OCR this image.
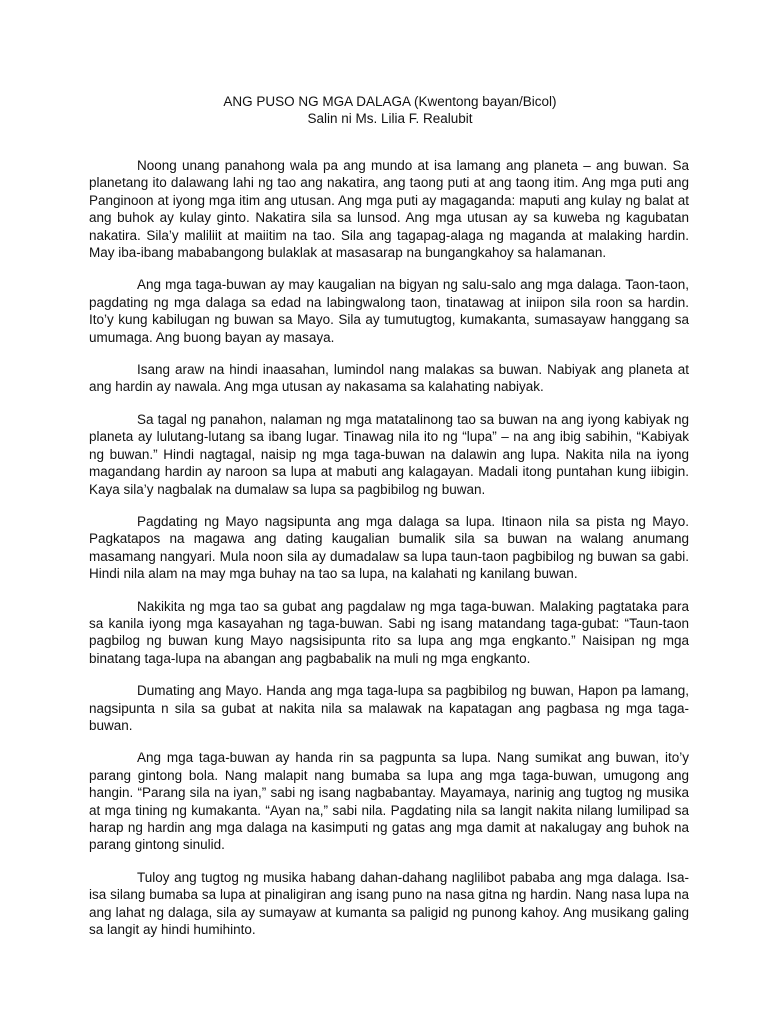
ANG PUSO NG MGA DALAGA (Kwentong bayan/Bicol)
Salin ni Ms. Lilia F. Realubit

Noong unang panahong wala pa ang mundo at isa lamang ang planeta – ang buwan. Sa planetang ito dalawang lahi ng tao ang nakatira, ang taong puti at ang taong itim. Ang mga puti ang Panginoon at iyong mga itim ang utusan. Ang mga puti ay magaganda: maputi ang kulay ng balat at ang buhok ay kulay ginto. Nakatira sila sa lunsod. Ang mga utusan ay sa kuweba ng kagubatan nakatira. Sila’y maliliit at maiitim na tao. Sila ang tagapag-alaga ng maganda at malaking hardin. May iba-ibang mababangong bulaklak at masasarap na bungangkahoy sa halamanan.

Ang mga taga-buwan ay may kaugalian na bigyan ng salu-salo ang mga dalaga. Taon-taon, pagdating ng mga dalaga sa edad na labingwalong taon, tinatawag at iniipon sila roon sa hardin. Ito’y kung kabilugan ng buwan sa Mayo. Sila ay tumutugtog, kumakanta, sumasayaw hanggang sa umumaga. Ang buong bayan ay masaya.

Isang araw na hindi inaasahan, lumindol nang malakas sa buwan. Nabiyak ang planeta at ang hardin ay nawala. Ang mga utusan ay nakasama sa kalahating nabiyak.

Sa tagal ng panahon, nalaman ng mga matatalinong tao sa buwan na ang iyong kabiyak ng planeta ay lulutang-lutang sa ibang lugar. Tinawag nila ito ng “lupa” – na ang ibig sabihin, “Kabiyak ng buwan.” Hindi nagtagal, naisip ng mga taga-buwan na dalawin ang lupa. Nakita nila na iyong magandang hardin ay naroon sa lupa at mabuti ang kalagayan. Madali itong puntahan kung iibigin. Kaya sila’y nagbalak na dumalaw sa lupa sa pagbibilog ng buwan.

Pagdating ng Mayo nagsipunta ang mga dalaga sa lupa. Itinaon nila sa pista ng Mayo. Pagkatapos na magawa ang dating kaugalian bumalik sila sa buwan na walang anumang masamang nangyari. Mula noon sila ay dumadalaw sa lupa taun-taon pagbibilog ng buwan sa gabi. Hindi nila alam na may mga buhay na tao sa lupa, na kalahati ng kanilang buwan.

Nakikita ng mga tao sa gubat ang pagdalaw ng mga taga-buwan. Malaking pagtataka para sa kanila iyong mga kasayahan ng taga-buwan. Sabi ng isang matandang taga-gubat: “Taun-taon pagbilog ng buwan kung Mayo nagsisipunta rito sa lupa ang mga engkanto.” Naisipan ng mga binatang taga-lupa na abangan ang pagbabalik na muli ng mga engkanto.

Dumating ang Mayo. Handa ang mga taga-lupa sa pagbibilog ng buwan, Hapon pa lamang, nagsipunta n sila sa gubat at nakita nila sa malawak na kapatagan ang pagbasa ng mga taga-buwan.

Ang mga taga-buwan ay handa rin sa pagpunta sa lupa. Nang sumikat ang buwan, ito’y parang gintong bola. Nang malapit nang bumaba sa lupa ang mga taga-buwan, umugong ang hangin. “Parang sila na iyan,” sabi ng isang nagbabantay. Mayamaya, narinig ang tugtog ng musika at mga tining ng kumakanta. “Ayan na,” sabi nila. Pagdating nila sa langit nakita nilang lumilipad sa harap ng hardin ang mga dalaga na kasimputi ng gatas ang mga damit at nakalugay ang buhok na parang gintong sinulid.

Tuloy ang tugtog ng musika habang dahan-dahang naglilibot pababa ang mga dalaga. Isa-isa silang bumaba sa lupa at pinaligiran ang isang puno na nasa gitna ng hardin. Nang nasa lupa na ang lahat ng dalaga, sila ay sumayaw at kumanta sa paligid ng punong kahoy. Ang musikang galing sa langit ay hindi humihinto.
